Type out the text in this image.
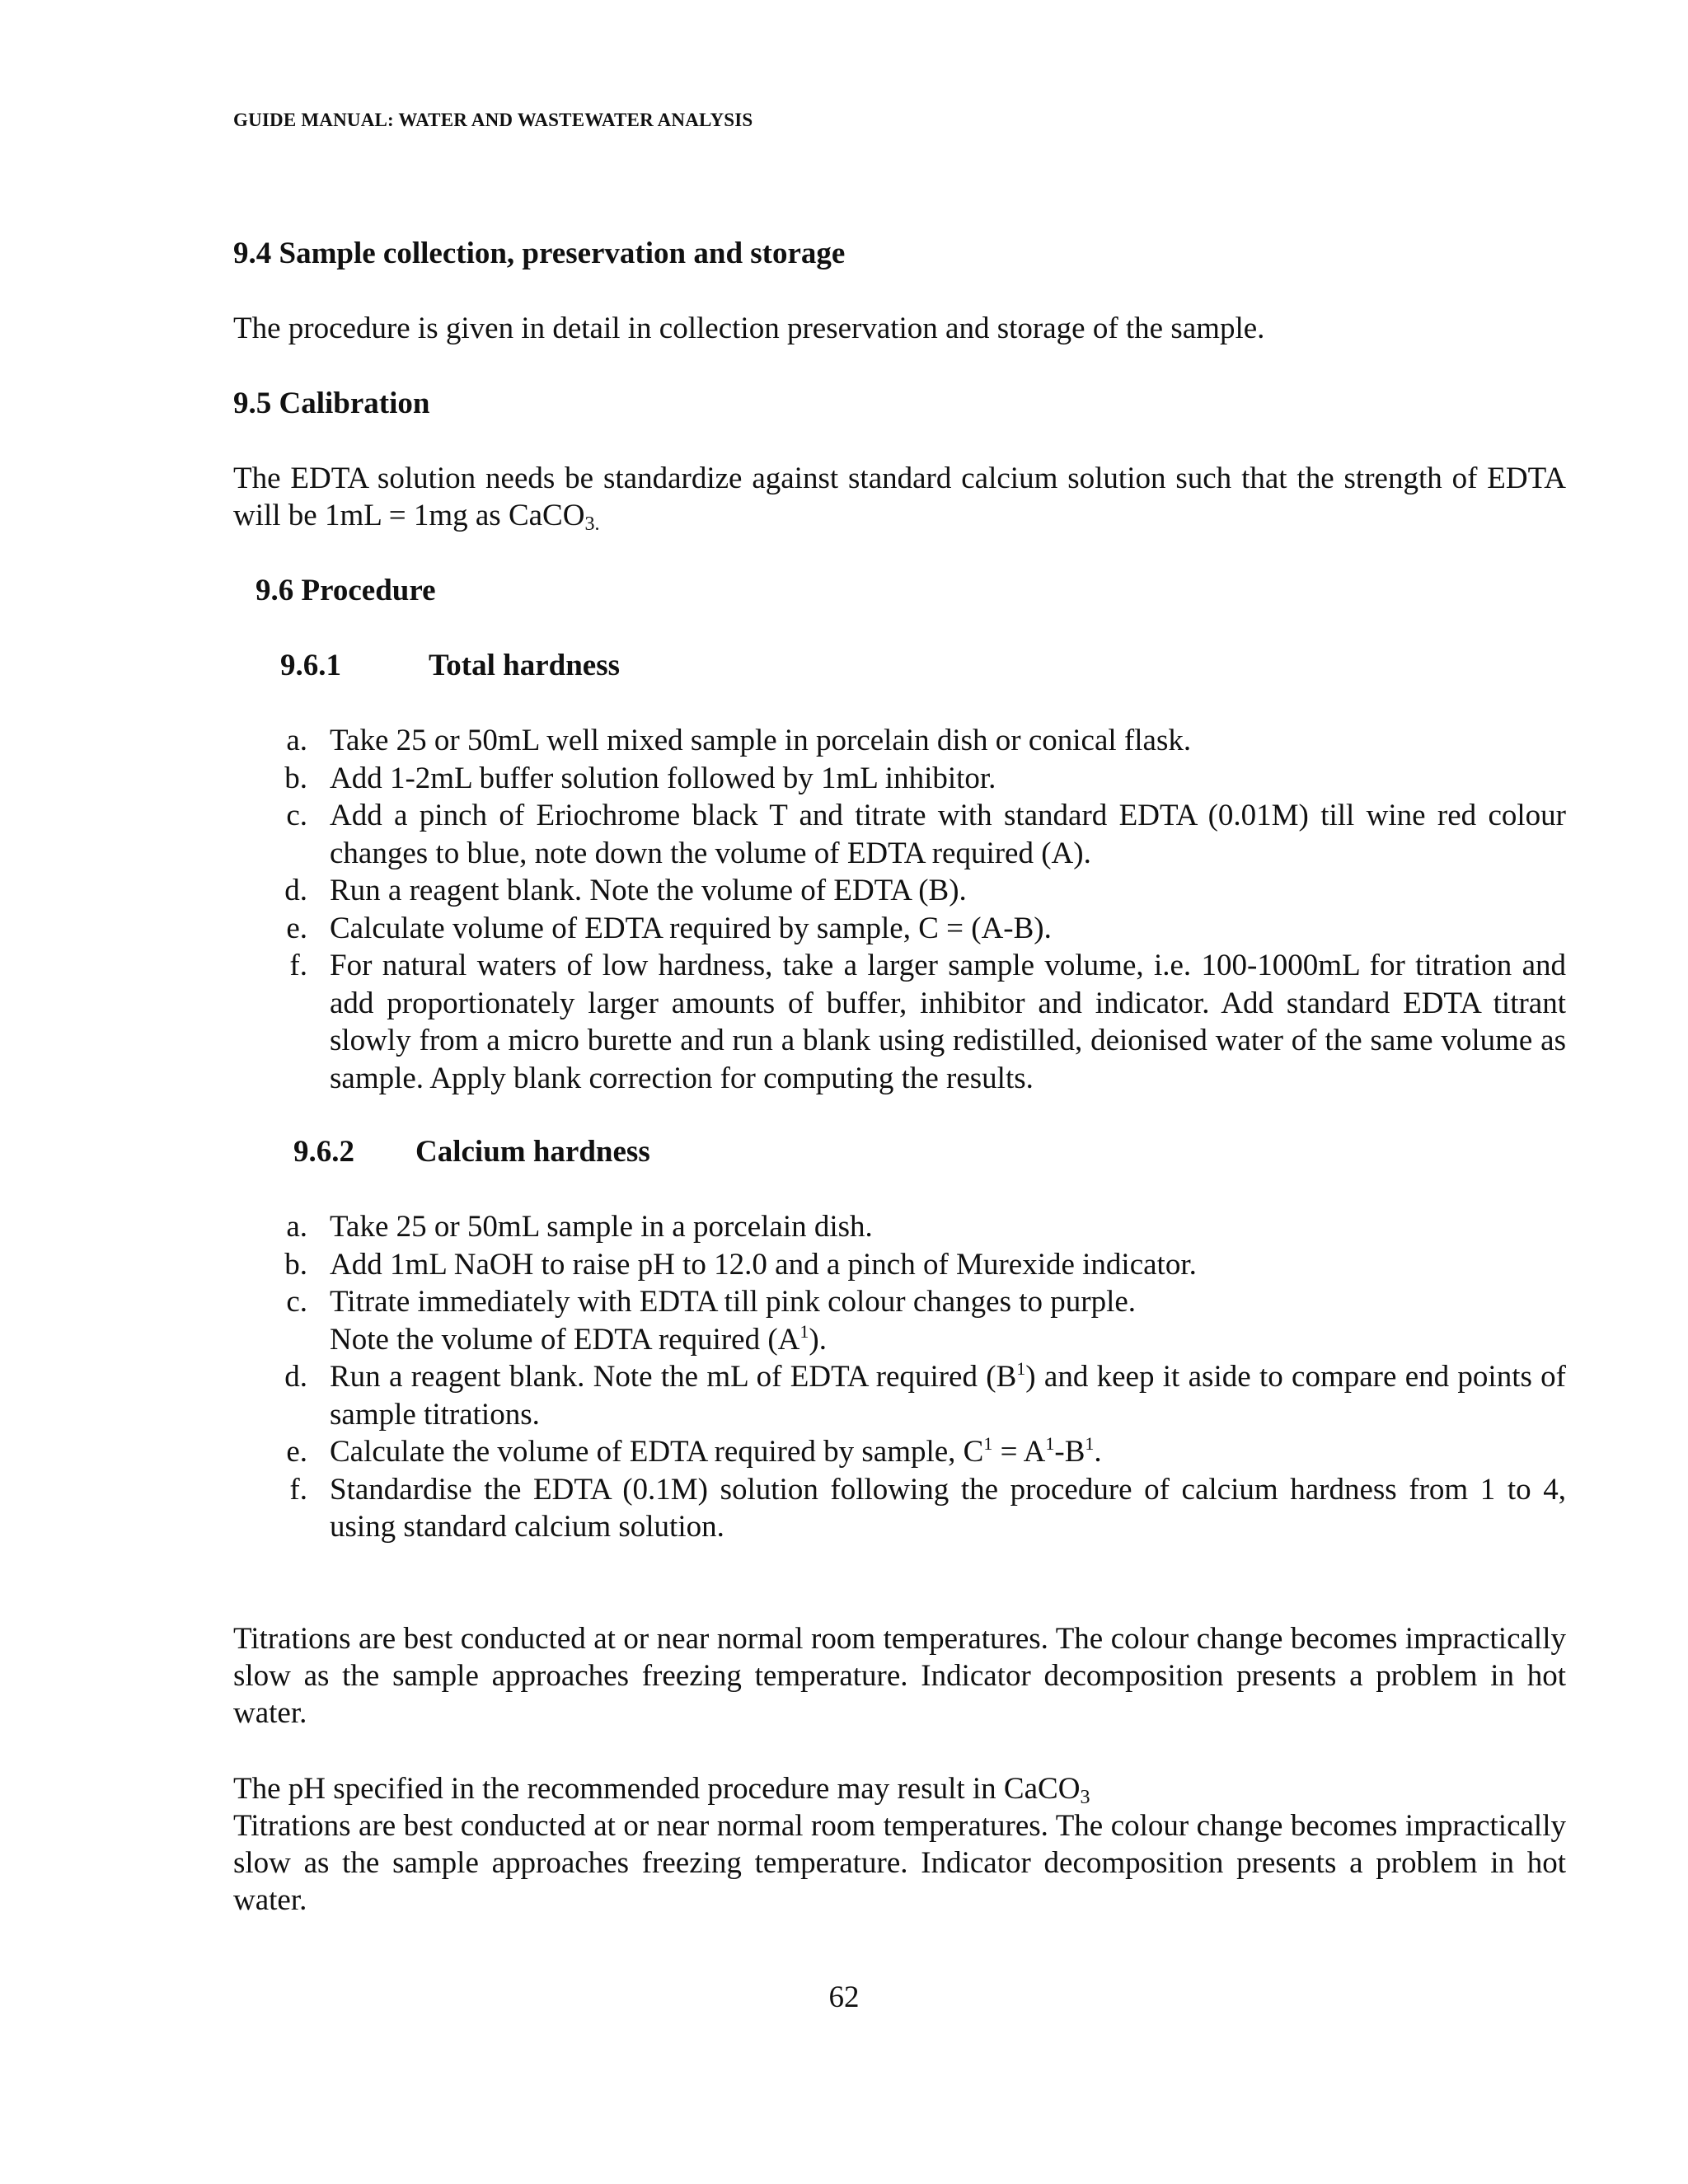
GUIDE MANUAL: WATER AND WASTEWATER ANALYSIS
9.4 Sample collection, preservation and storage

The procedure is given in detail in collection preservation and storage of the sample.

9.5 Calibration

The EDTA solution needs be standardize against standard calcium solution such that the strength of EDTA will be 1mL = 1mg as CaCO$_{3.}$

9.6 Procedure
9.6.1	Total hardness
a. Take 25 or 50mL well mixed sample in porcelain dish or conical flask.
b. Add 1-2mL buffer solution followed by 1mL inhibitor.
c. Add a pinch of Eriochrome black T and titrate with standard EDTA (0.01M) till wine red colour changes to blue, note down the volume of EDTA required (A).
d. Run a reagent blank. Note the volume of EDTA (B).
e. Calculate volume of EDTA required by sample, C = (A-B).
f. For natural waters of low hardness, take a larger sample volume, i.e. 100-1000mL for titration and add proportionately larger amounts of buffer, inhibitor and indicator. Add standard EDTA titrant slowly from a micro burette and run a blank using redistilled, deionised water of the same volume as sample. Apply blank correction for computing the results.
9.6.2 Calcium hardness
a. Take 25 or 50mL sample in a porcelain dish.
b. Add 1mL NaOH to raise pH to 12.0 and a pinch of Murexide indicator.
c. Titrate immediately with EDTA till pink colour changes to purple.
Note the volume of EDTA required $(A^1)$.
d. Run a reagent blank. Note the mL of EDTA required $(B^1)$ and keep it aside to compare end points of sample titrations.
e. Calculate the volume of EDTA required by sample, $C^1 = A^1-B^1$.
f. Standardise the EDTA (0.1M) solution following the procedure of calcium hardness from 1 to 4, using standard calcium solution.

Titrations are best conducted at or near normal room temperatures. The colour change becomes impractically slow as the sample approaches freezing temperature. Indicator decomposition presents a problem in hot water.

The pH specified in the recommended procedure may result in CaCO$_3$
Titrations are best conducted at or near normal room temperatures. The colour change becomes impractically slow as the sample approaches freezing temperature. Indicator decomposition presents a problem in hot water.

62
